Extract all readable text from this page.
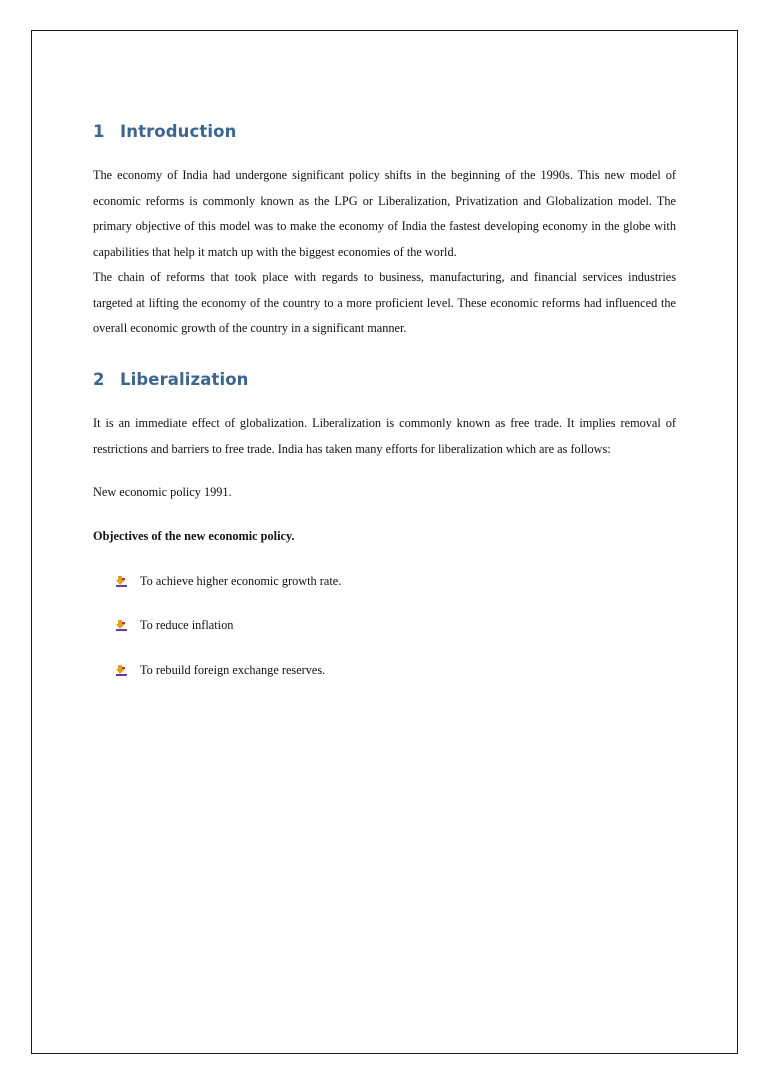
1 Introduction

The economy of India had undergone significant policy shifts in the beginning of the 1990s. This new model of economic reforms is commonly known as the LPG or Liberalization, Privatization and Globalization model. The primary objective of this model was to make the economy of India the fastest developing economy in the globe with capabilities that help it match up with the biggest economies of the world.

The chain of reforms that took place with regards to business, manufacturing, and financial services industries targeted at lifting the economy of the country to a more proficient level. These economic reforms had influenced the overall economic growth of the country in a significant manner.

2 Liberalization

It is an immediate effect of globalization. Liberalization is commonly known as free trade. It implies removal of restrictions and barriers to free trade. India has taken many efforts for liberalization which are as follows:

New economic policy 1991.

Objectives of the new economic policy.

To achieve higher economic growth rate.
To reduce inflation
To rebuild foreign exchange reserves.
